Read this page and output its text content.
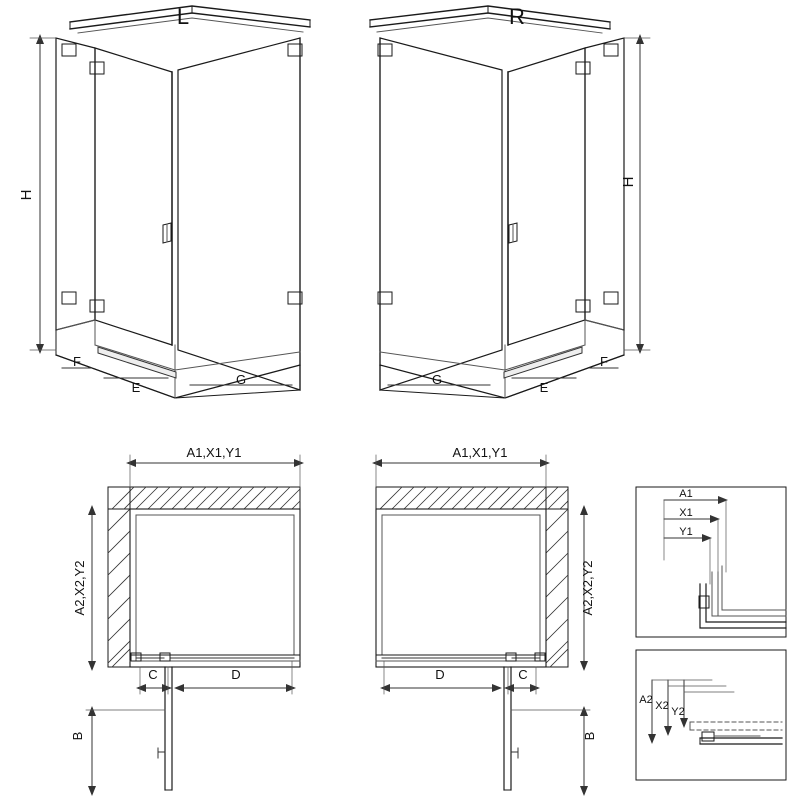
L	R
H
H
F
E
G
F
E
G
A1,X1,Y1	A1,X1,Y1
A2,X2,Y2	A2,X2,Y2
C	D	D	C
B	B
A1
X1
Y1
A2 X2 Y2
